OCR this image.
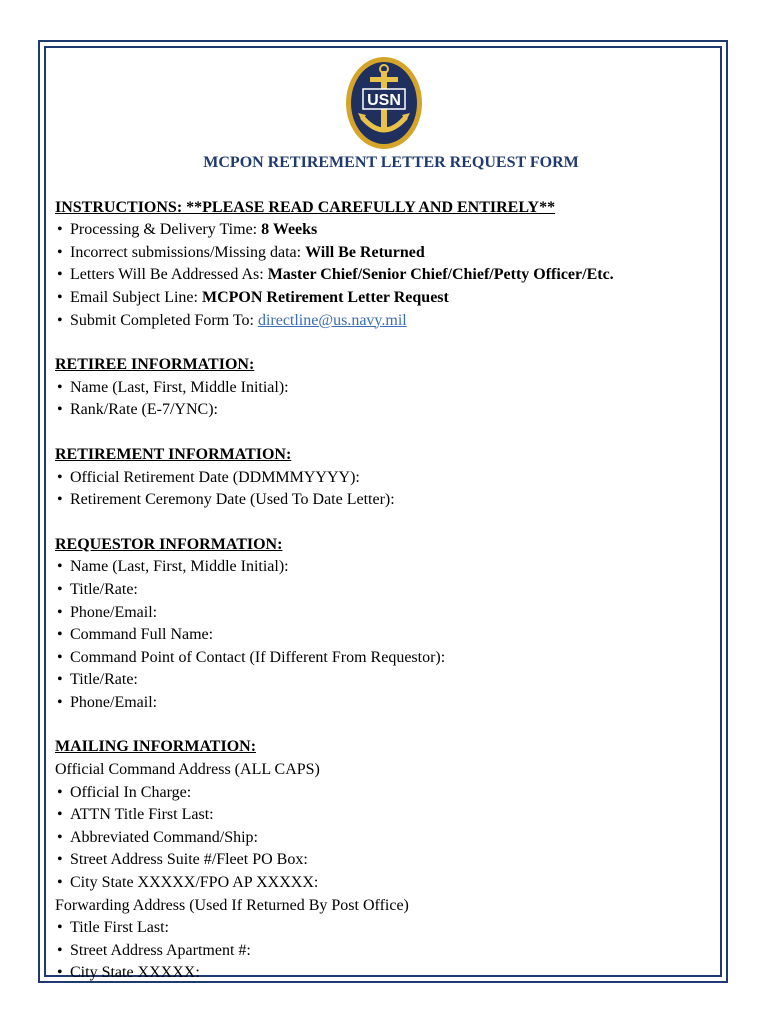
USN

MCPON RETIREMENT LETTER REQUEST FORM

INSTRUCTIONS: **PLEASE READ CAREFULLY AND ENTIRELY**

• Processing & Delivery Time: 8 Weeks
• Incorrect submissions/Missing data: Will Be Returned
• Letters Will Be Addressed As: Master Chief/Senior Chief/Chief/Petty Officer/Etc.
• Email Subject Line: MCPON Retirement Letter Request
• Submit Completed Form To: directline@us.navy.mil

RETIREE INFORMATION:

• Name (Last, First, Middle Initial):
• Rank/Rate (E-7/YNC):

RETIREMENT INFORMATION:

• Official Retirement Date (DDMMMYYYY):
• Retirement Ceremony Date (Used To Date Letter):

REQUESTOR INFORMATION:

• Name (Last, First, Middle Initial):
• Title/Rate:
• Phone/Email:
• Command Full Name:
• Command Point of Contact (If Different From Requestor):
• Title/Rate:
• Phone/Email:

MAILING INFORMATION:

Official Command Address (ALL CAPS)

• Official In Charge:
• ATTN Title First Last:
• Abbreviated Command/Ship:
• Street Address Suite #/Fleet PO Box:
• City State XXXXX/FPO AP XXXXX:

Forwarding Address (Used If Returned By Post Office)

• Title First Last:
• Street Address Apartment #:
• City State XXXXX:
